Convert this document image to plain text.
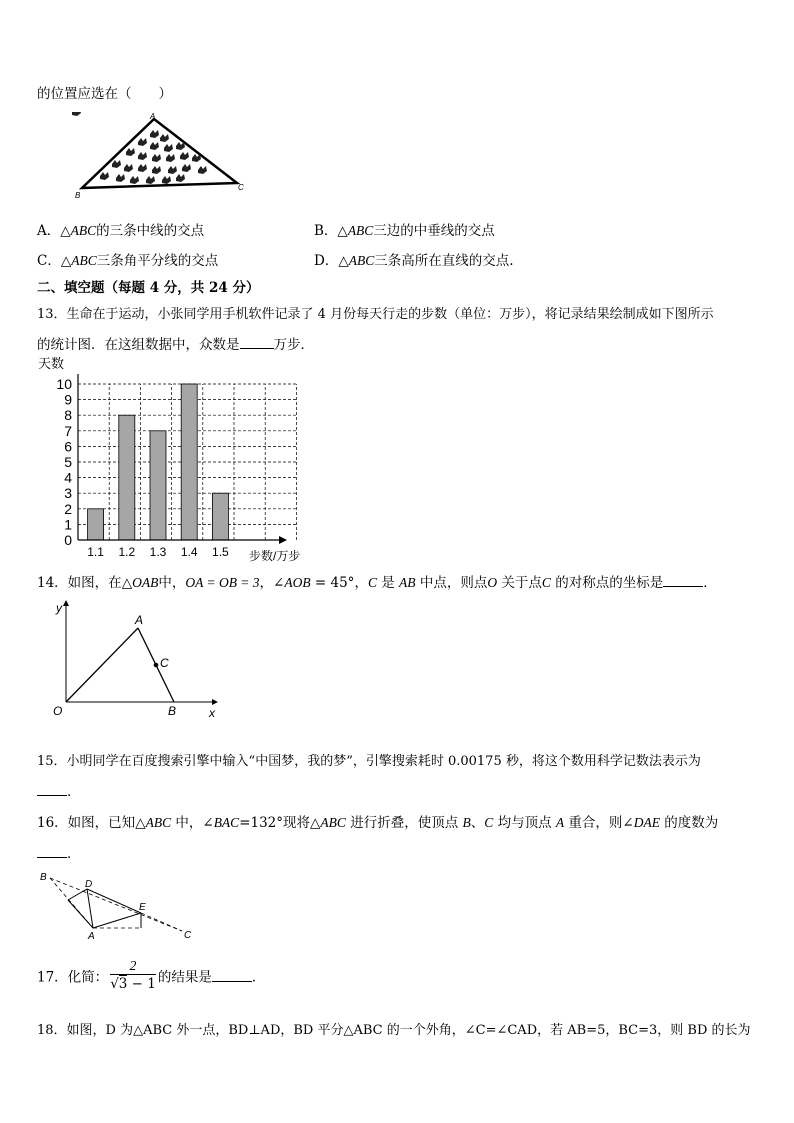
的位置应选在（　　）
A
B
C
A．△ABC的三条中线的交点	B．△ABC三边的中垂线的交点
C．△ABC三条角平分线的交点	D．△ABC三条高所在直线的交点.
二、填空题（每题 4 分，共 24 分）
13．生命在于运动，小张同学用手机软件记录了 4 月份每天行走的步数（单位：万步），将记录结果绘制成如下图所示
的统计图．在这组数据中，众数是	万步．
0
1
2
3
4
5
6
7
8
9
10
1.1 1.2 1.3 1.4 1.5
天数
步数/万步
14．如图，在△OAB中，OA = OB = 3，∠AOB = 45°，C 是 AB 中点，则点O 关于点C 的对称点的坐标是	．
y
x
O
A
B
C
15．小明同学在百度搜索引擎中输入“中国梦，我的梦”，引擎搜索耗时 0.00175 秒，将这个数用科学记数法表示为
．
16．如图，已知△ABC 中，∠BAC=132°现将△ABC 进行折叠，使顶点 B、C 均与顶点 A 重合，则∠DAE 的度数为
．
B
D
E
A	C
17．化简： $\frac{2}{√3 - 1}$ 的结果是	．
18．如图，D 为△ABC 外一点，BD⊥AD，BD 平分△ABC 的一个外角，∠C=∠CAD，若 AB=5，BC=3，则 BD 的长为
